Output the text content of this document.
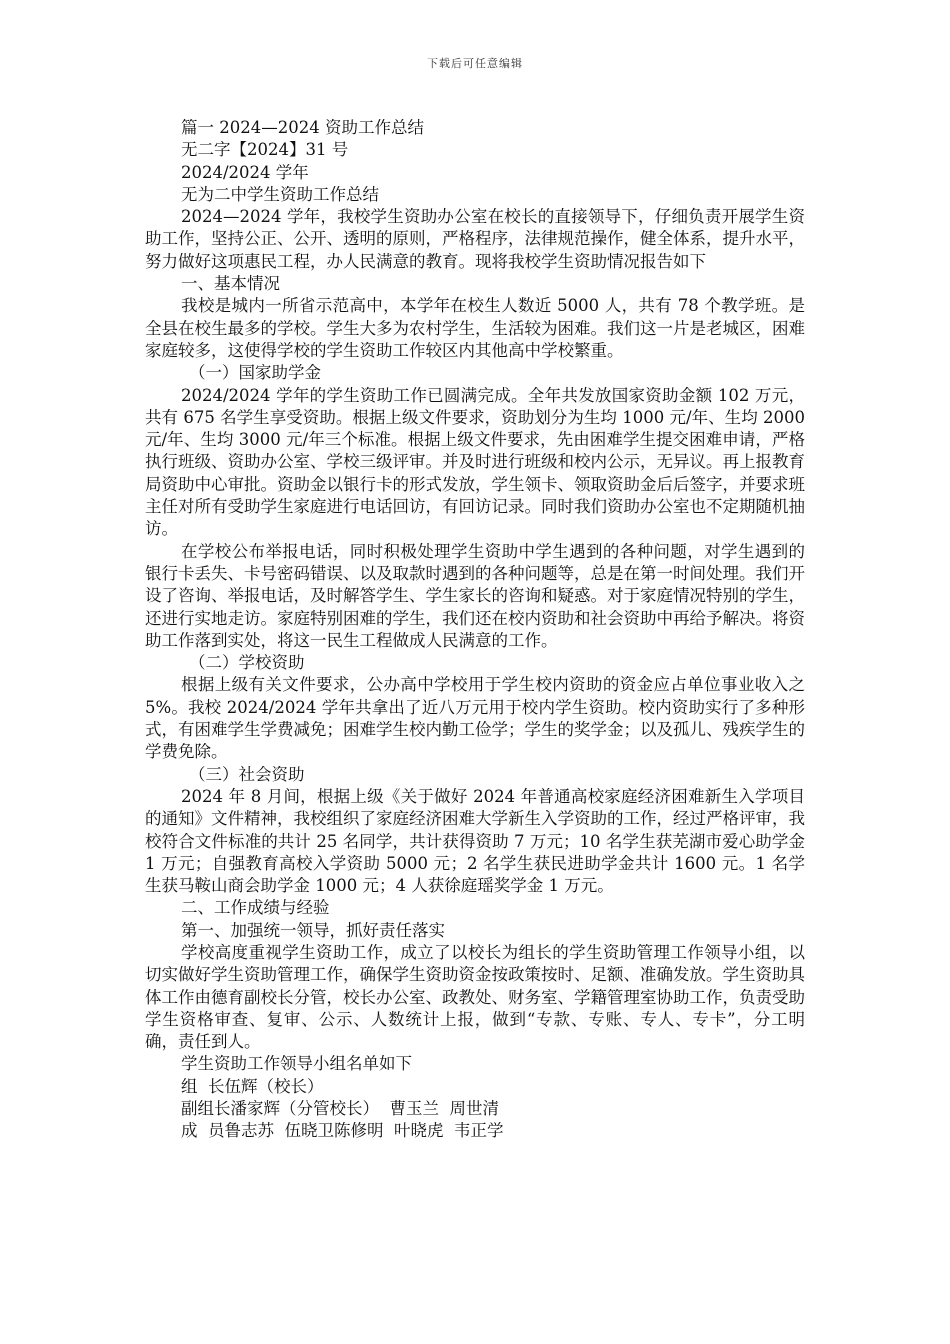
下载后可任意编辑
篇一 2024—2024 资助工作总结
无二字【2024】31 号
2024/2024 学年
无为二中学生资助工作总结
2024—2024 学年，我校学生资助办公室在校长的直接领导下，仔细负责开展学生资助工作，坚持公正、公开、透明的原则，严格程序，法律规范操作，健全体系，提升水平，努力做好这项惠民工程，办人民满意的教育。现将我校学生资助情况报告如下
一、基本情况
我校是城内一所省示范高中，本学年在校生人数近 5000 人，共有 78 个教学班。是全县在校生最多的学校。学生大多为农村学生，生活较为困难。我们这一片是老城区，困难家庭较多，这使得学校的学生资助工作较区内其他高中学校繁重。
（一）国家助学金
2024/2024 学年的学生资助工作已圆满完成。全年共发放国家资助金额 102 万元，共有 675 名学生享受资助。根据上级文件要求，资助划分为生均 1000 元/年、生均 2000 元/年、生均 3000 元/年三个标准。根据上级文件要求，先由困难学生提交困难申请，严格执行班级、资助办公室、学校三级评审。并及时进行班级和校内公示，无异议。再上报教育局资助中心审批。资助金以银行卡的形式发放，学生领卡、领取资助金后后签字，并要求班主任对所有受助学生家庭进行电话回访，有回访记录。同时我们资助办公室也不定期随机抽访。
在学校公布举报电话，同时积极处理学生资助中学生遇到的各种问题，对学生遇到的银行卡丢失、卡号密码错误、以及取款时遇到的各种问题等，总是在第一时间处理。我们开设了咨询、举报电话，及时解答学生、学生家长的咨询和疑惑。对于家庭情况特别的学生，还进行实地走访。家庭特别困难的学生，我们还在校内资助和社会资助中再给予解决。将资助工作落到实处，将这一民生工程做成人民满意的工作。
（二）学校资助
根据上级有关文件要求，公办高中学校用于学生校内资助的资金应占单位事业收入之 5%。我校 2024/2024 学年共拿出了近八万元用于校内学生资助。校内资助实行了多种形式，有困难学生学费减免；困难学生校内勤工俭学；学生的奖学金；以及孤儿、残疾学生的学费免除。
（三）社会资助
2024 年 8 月间，根据上级《关于做好 2024 年普通高校家庭经济困难新生入学项目的通知》文件精神，我校组织了家庭经济困难大学新生入学资助的工作，经过严格评审，我校符合文件标准的共计 25 名同学，共计获得资助 7 万元；10 名学生获芜湖市爱心助学金 1 万元；自强教育高校入学资助 5000 元；2 名学生获民进助学金共计 1600 元。1 名学生获马鞍山商会助学金 1000 元；4 人获徐庭瑶奖学金 1 万元。
二、工作成绩与经验
第一、加强统一领导，抓好责任落实
学校高度重视学生资助工作，成立了以校长为组长的学生资助管理工作领导小组，以切实做好学生资助管理工作，确保学生资助资金按政策按时、足额、准确发放。学生资助具体工作由德育副校长分管，校长办公室、政教处、财务室、学籍管理室协助工作，负责受助学生资格审查、复审、公示、人数统计上报，做到“专款、专账、专人、专卡”，分工明确，责任到人。
学生资助工作领导小组名单如下
组  长伍辉（校长）
副组长潘家辉（分管校长）  曹玉兰  周世清
成  员鲁志苏  伍晓卫陈修明  叶晓虎  韦正学
